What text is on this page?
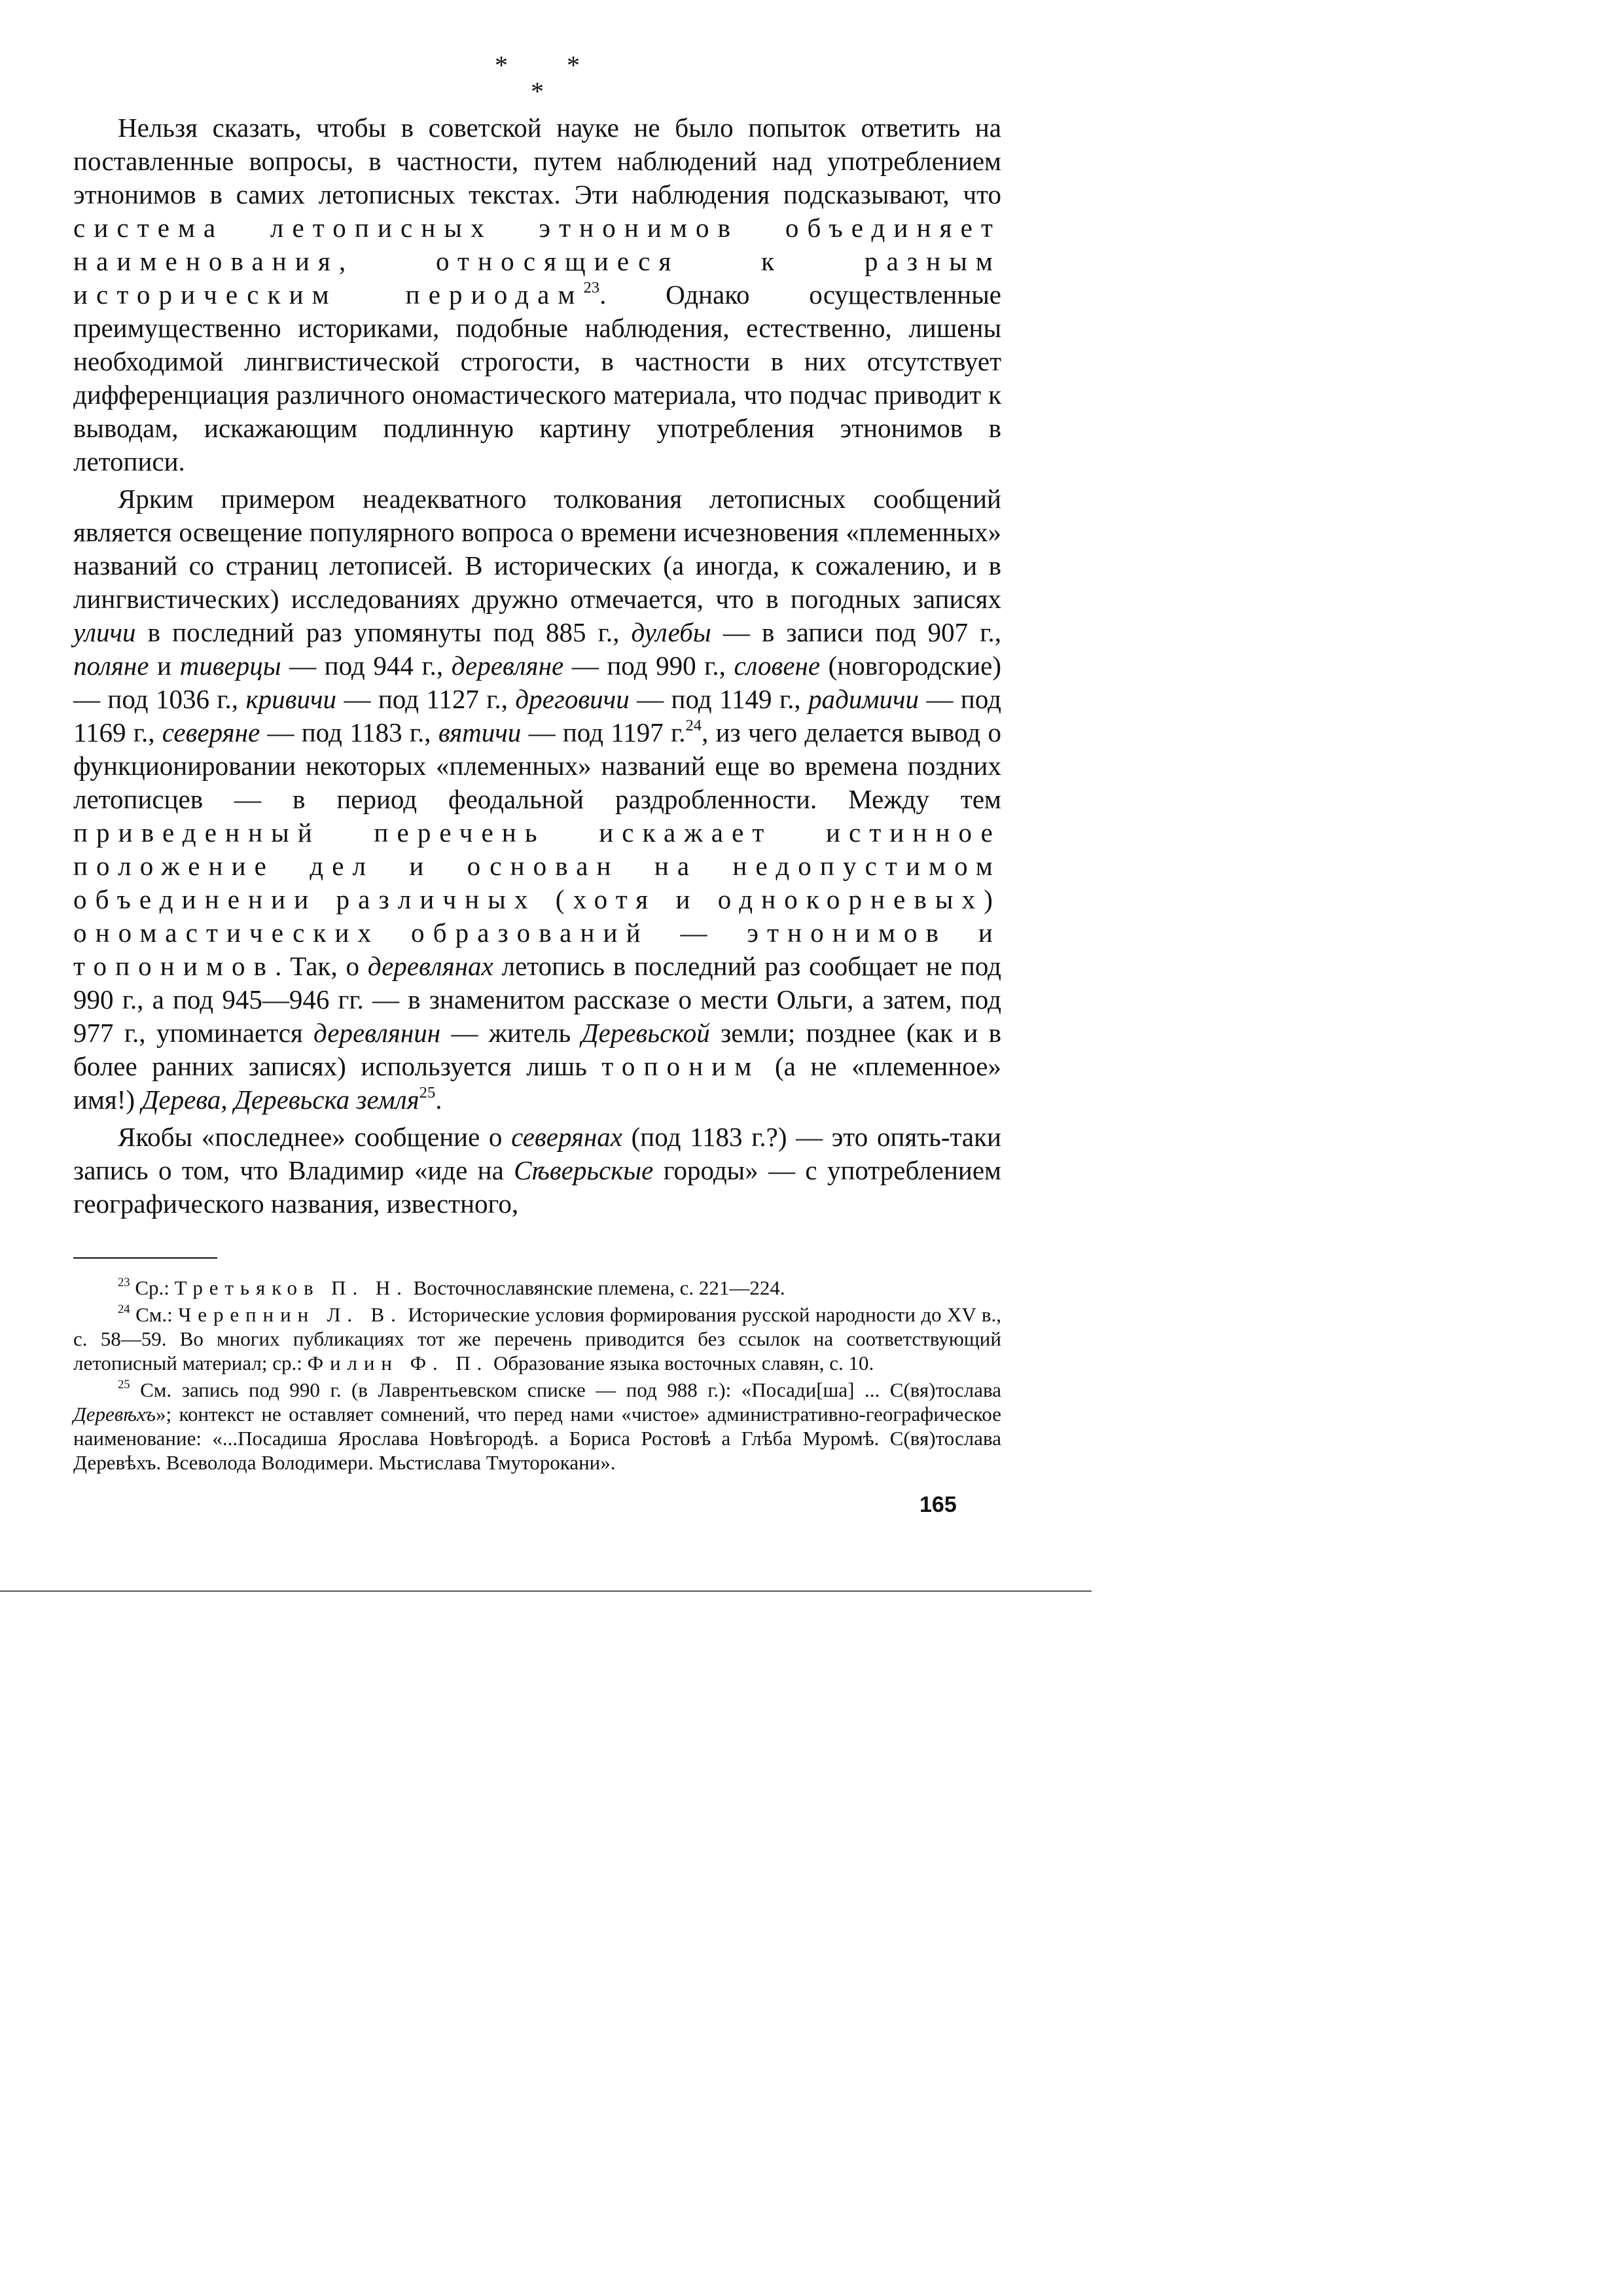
* *
*

Нельзя сказать, чтобы в советской науке не было попыток ответить на поставленные вопросы, в частности, путем наблюдений над употреблением этнонимов в самих летописных текстах. Эти наблюдения подсказывают, что система летописных этнонимов объединяет наименования, относящиеся к разным историческим периодам$^{23}$. Однако осуществленные преимущественно историками, подобные наблюдения, естественно, лишены необходимой лингвистической строгости, в частности в них отсутствует дифференциация различного ономастического материала, что подчас приводит к выводам, искажающим подлинную картину употребления этнонимов в летописи.

Ярким примером неадекватного толкования летописных сообщений является освещение популярного вопроса о времени исчезновения «племенных» названий со страниц летописей. В исторических (а иногда, к сожалению, и в лингвистических) исследованиях дружно отмечается, что в погодных записях уличи в последний раз упомянуты под 885 г., дулебы — в записи под 907 г., поляне и тиверцы — под 944 г., деревляне — под 990 г., словене (новгородские) — под 1036 г., кривичи — под 1127 г., дреговичи — под 1149 г., радимичи — под 1169 г., северяне — под 1183 г., вятичи — под 1197 г.$^{24}$, из чего делается вывод о функционировании некоторых «племенных» названий еще во времена поздних летописцев — в период феодальной раздробленности. Между тем приведенный перечень искажает истинное положение дел и основан на недопустимом объединении различных (хотя и однокорневых) ономастических образований — этнонимов и топонимов. Так, о деревлянах летопись в последний раз сообщает не под 990 г., а под 945—946 гг. — в знаменитом рассказе о мести Ольги, а затем, под 977 г., упоминается деревлянин — житель Деревьской земли; позднее (как и в более ранних записях) используется лишь топоним (а не «племенное» имя!) Дерева, Деревьска земля$^{25}$.

Якобы «последнее» сообщение о северянах (под 1183 г.?) — это опять-таки запись о том, что Владимир «иде на Сѣверьскые городы» — с употреблением географического названия, известного,

$^{23}$ Ср.: Третьяков П. Н. Восточнославянские племена, с. 221—224.

$^{24}$ См.: Черепнин Л. В. Исторические условия формирования русской народности до XV в., с. 58—59. Во многих публикациях тот же перечень приводится без ссылок на соответствующий летописный материал; ср.: Филин Ф. П. Образование языка восточных славян, с. 10.

$^{25}$ См. запись под 990 г. (в Лаврентьевском списке — под 988 г.): «Посади[ша] ... С(вя)тослава Деревѣхъ»; контекст не оставляет сомнений, что перед нами «чистое» административно-географическое наименование: «...Посадиша Ярослава Новѣгородѣ. а Бориса Ростовѣ а Глѣба Муромѣ. С(вя)тослава Деревѣхъ. Всеволода Володимери. Мьстислава Тмуторокани».

165
